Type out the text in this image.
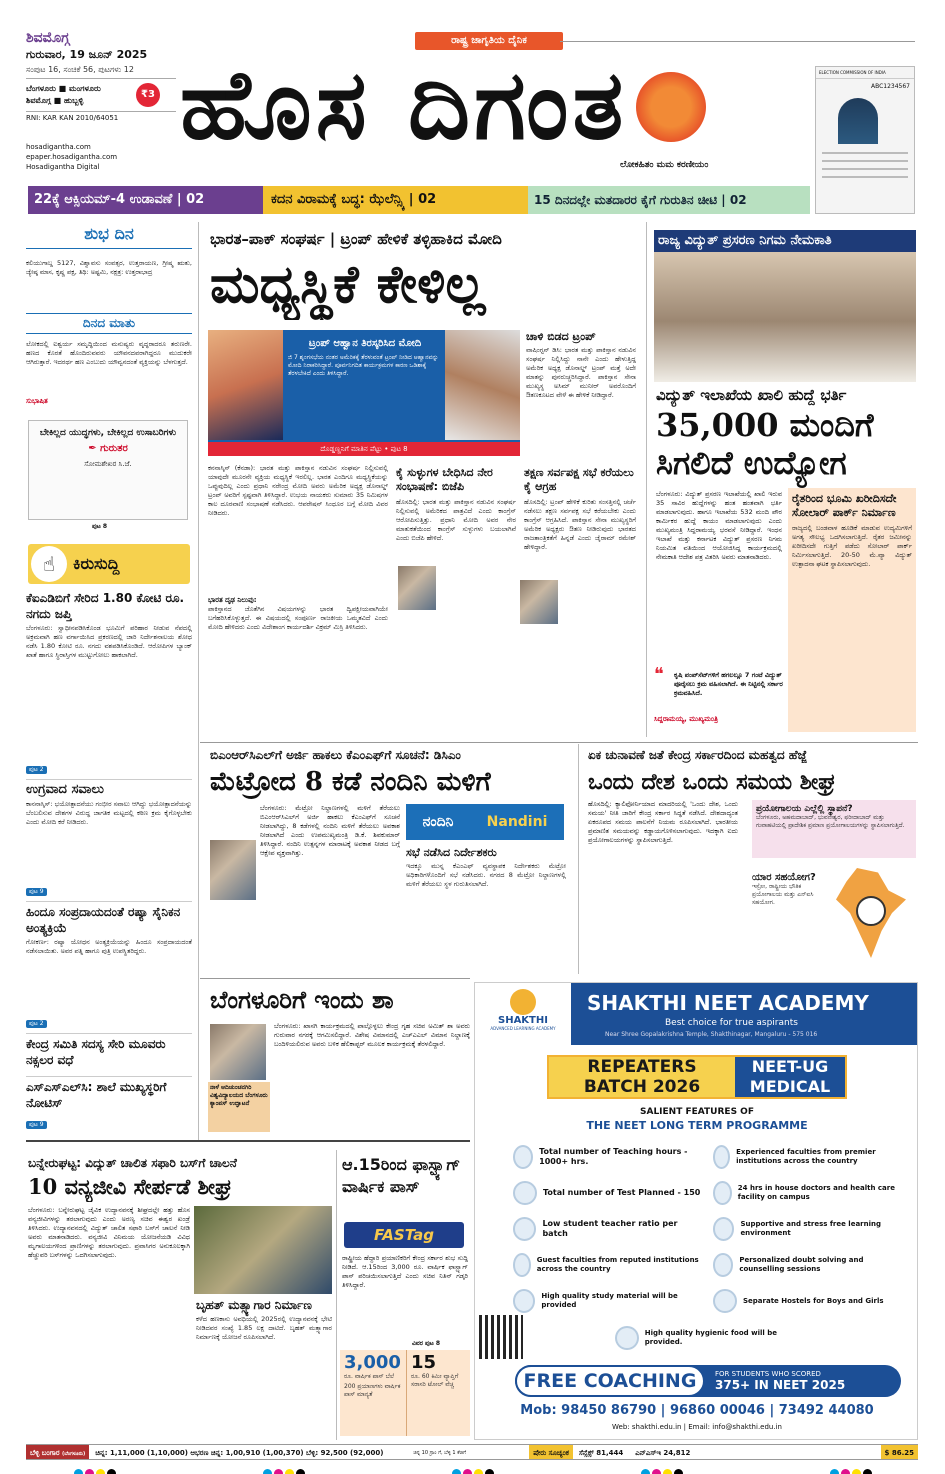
ಶಿವಮೊಗ್ಗ
ಗುರುವಾರ, 19 ಜೂನ್ 2025
ಸಂಪುಟ 16, ಸಂಚಿಕೆ 56, ಪುಟಗಳು 12
ಬೆಂಗಳೂರು ■ ಮಂಗಳೂರು
ಶಿವಮೊಗ್ಗ ■ ಹುಬ್ಬಳ್ಳಿ
₹3
RNI: KAR KAN 2010/64051
hosadigantha.com
epaper.hosadigantha.com
Hosadigantha Digital
ರಾಷ್ಟ್ರ ಜಾಗೃತಿಯ ದೈನಿಕ
ಹೊಸ ದಿಗಂತ
ಲೋಕಹಿತಂ ಮಮ ಕರಣೀಯಂ
ELECTION COMMISSION OF INDIA
ABC1234567
22ಕ್ಕೆ ಆಕ್ಸಿಯಮ್-4 ಉಡಾವಣೆ | 02	ಕದನ ವಿರಾಮಕ್ಕೆ ಬದ್ಧ: ಝೆಲೆನ್ಸ್ಕಿ | 02	15 ದಿನದಲ್ಲೇ ಮತದಾರರ ಕೈಗೆ ಗುರುತಿನ ಚೀಟಿ | 02
ಶುಭ ದಿನ
ಕಲಿಯುಗಾಬ್ದ 5127, ವಿಶ್ವಾವಸು ಸಂವತ್ಸರ, ಉತ್ತರಾಯಣ, ಗ್ರೀಷ್ಮ ಋತು, ಜ್ಯೇಷ್ಠ ಮಾಸ, ಕೃಷ್ಣ ಪಕ್ಷ, ತಿಥಿ: ಅಷ್ಟಮಿ, ನಕ್ಷತ್ರ: ಉತ್ತರಾಭಾದ್ರ
ದಿನದ ಮಾತು
ಲೋಕದಲ್ಲಿ ಐಶ್ವರ್ಯ ಸಮೃದ್ಧಿಯಿಂದ ಮನುಷ್ಯರು ವೃದ್ಧರಾದರೂ ತರುಣರೇ. ಹಣದ ಕೊರತೆ ಹೊಂದಿರುವವರು ಯೌವನದವರಾಗಿದ್ದರೂ ಮುದುಕರೇ ಆಗಿರುತ್ತಾರೆ. ಇದರರ್ಥ ಹಣ ಎಂಬುದು ಯೌವ್ವನದಂತೆ ವ್ಯಕ್ತಿಯನ್ನು ಬೆಳಗುತ್ತದೆ.
ಸುಭಾಷಿತ
ಬೇಕಿಲ್ಲದ ಯುದ್ಧಗಳು, ಬೇಕಿಲ್ಲದ ಉಸಾಬರಿಗಳು
✒ ಗುರುತರ
ಸೋಮಶೇಖರ ಸಿ.ಜೆ.
ಪುಟ 8
☝	ಕಿರುಸುದ್ದಿ
ಕೆಐಎಡಿಬಿಗೆ ಸೇರಿದ 1.80 ಕೋಟಿ ರೂ. ನಗದು ಜಪ್ತಿ
ಬೆಂಗಳೂರು: ಸ್ವಾಧೀನಪಡಿಸಿಕೊಂಡ ಭೂಮಿಗೆ ಪರಿಹಾರ ನೀಡುವ ನೆಪದಲ್ಲಿ ಅಕ್ರಮವಾಗಿ ಹಣ ವರ್ಗಾಯಿಸಿದ ಪ್ರಕರಣದಲ್ಲಿ ಜಾರಿ ನಿರ್ದೇಶನಾಲಯ ಶೋಧ ನಡೆಸಿ 1.80 ಕೋಟಿ ರೂ. ನಗದು ವಶಪಡಿಸಿಕೊಂಡಿದೆ. ಆರೋಪಿಗಳ ಬ್ಯಾಂಕ್ ಖಾತೆ ಹಾಗೂ ಸ್ಥಿರಾಸ್ತಿಗಳ ಮುಟ್ಟುಗೋಲು ಹಾಕಲಾಗಿದೆ.
ಪುಟ 2
ಉಗ್ರವಾದ ಸವಾಲು
ಕಾನನಾಸ್ಕಿಸ್: ಭಯೋತ್ಪಾದನೆಯು ಗಂಭೀರ ಸವಾಲು ಆಗಿದ್ದು ಭಯೋತ್ಪಾದನೆಯನ್ನು ಬೆಂಬಲಿಸುವ ದೇಶಗಳ ವಿರುದ್ಧ ಜಾಗತಿಕ ಮಟ್ಟದಲ್ಲಿ ಕಠಿಣ ಕ್ರಮ ಕೈಗೊಳ್ಳಬೇಕು ಎಂದು ಮೋದಿ ಕರೆ ನೀಡಿದರು.
ಪುಟ 9
ಹಿಂದೂ ಸಂಪ್ರದಾಯದಂತೆ ರಷ್ಯಾ ಸೈನಿಕನ ಅಂತ್ಯಕ್ರಿಯೆ
ಗೋಕರ್ಣ: ರಷ್ಯಾ ಯೋಧನ ಅಂತ್ಯಕ್ರಿಯೆಯನ್ನು ಹಿಂದೂ ಸಂಪ್ರದಾಯದಂತೆ ನಡೆಸಲಾಯಿತು. ಅವರ ಪತ್ನಿ ಹಾಗೂ ಪುತ್ರಿ ಉಪಸ್ಥಿತರಿದ್ದರು.
ಪುಟ 2
ಕೇಂದ್ರ ಸಮಿತಿ ಸದಸ್ಯ ಸೇರಿ ಮೂವರು ನಕ್ಸಲರ ವಧೆ
ಎಸ್‌ಎಸ್‌ಎಲ್‌ಸಿ: ಶಾಲೆ ಮುಖ್ಯಸ್ಥರಿಗೆ ನೋಟಿಸ್
ಪುಟ 9
ಭಾರತ–ಪಾಕ್ ಸಂಘರ್ಷ | ಟ್ರಂಪ್ ಹೇಳಿಕೆ ತಳ್ಳಿಹಾಕಿದ ಮೋದಿ
ಮಧ್ಯಸ್ಥಿಕೆ ಕೇಳಿಲ್ಲ
ಟ್ರಂಪ್ ಆಹ್ವಾನ ತಿರಸ್ಕರಿಸಿದ ಮೋದಿ
ಜಿ 7 ಶೃಂಗಸಭೆಯ ನಂತರ ಅಮೆರಿಕಕ್ಕೆ ತೆರಳುವಂತೆ ಟ್ರಂಪ್ ನೀಡಿದ ಆಹ್ವಾನವನ್ನು ಮೋದಿ ನಿರಾಕರಿಸಿದ್ದಾರೆ. ಪೂರ್ವನಿಗದಿತ ಕಾರ್ಯಕ್ರಮಗಳ ಕಾರಣ ಒಡಿಶಾಕ್ಕೆ ತೆರಳಬೇಕಿದೆ ಎಂದು ತಿಳಿಸಿದ್ದಾರೆ.
ದೊಡ್ಡಣ್ಣನಿಗೆ ಮಾತಿನ ಪೆಟ್ಟು • ಪುಟ 8
ಚಾಳಿ ಬಿಡದ ಟ್ರಂಪ್
ವಾಷಿಂಗ್ಟನ್ ಡಿಸಿ: ಭಾರತ ಮತ್ತು ಪಾಕಿಸ್ತಾನ ನಡುವಿನ ಸಂಘರ್ಷ ನಿಲ್ಲಿಸಿದ್ದು ನಾನೇ ಎಂದು ಹೇಳುತ್ತಿದ್ದ ಅಮೆರಿಕ ಅಧ್ಯಕ್ಷ ಡೊನಾಲ್ಡ್ ಟ್ರಂಪ್ ಮತ್ತೆ ಅದೇ ಮಾತನ್ನು ಪುನರುಚ್ಚರಿಸಿದ್ದಾರೆ. ಪಾಕಿಸ್ತಾನ ಸೇನಾ ಮುಖ್ಯಸ್ಥ ಅಸಿಮ್ ಮುನೀರ್ ಅವರೊಂದಿಗೆ ಔತಣಕೂಟದ ವೇಳೆ ಈ ಹೇಳಿಕೆ ನೀಡಿದ್ದಾರೆ.
ಕನನಾಸ್ಕಿಸ್ (ಕೆನಡಾ): ಭಾರತ ಮತ್ತು ಪಾಕಿಸ್ತಾನ ನಡುವಿನ ಸಂಘರ್ಷ ನಿಲ್ಲಿಸುವಲ್ಲಿ ಯಾವುದೇ ಮೂರನೇ ವ್ಯಕ್ತಿಯ ಮಧ್ಯಸ್ಥಿಕೆ ಇರಲಿಲ್ಲ. ಭಾರತ ಎಂದಿಗೂ ಮಧ್ಯಸ್ಥಿಕೆಯನ್ನು ಒಪ್ಪುವುದಿಲ್ಲ ಎಂದು ಪ್ರಧಾನಿ ನರೇಂದ್ರ ಮೋದಿ ಅವರು ಅಮೆರಿಕ ಅಧ್ಯಕ್ಷ ಡೊನಾಲ್ಡ್ ಟ್ರಂಪ್ ಅವರಿಗೆ ಸ್ಪಷ್ಟವಾಗಿ ತಿಳಿಸಿದ್ದಾರೆ. ಉಭಯ ನಾಯಕರು ಸುಮಾರು 35 ನಿಮಿಷಗಳ ಕಾಲ ದೂರವಾಣಿ ಸಂಭಾಷಣೆ ನಡೆಸಿದರು. ಆಪರೇಷನ್ ಸಿಂಧೂರ ಬಗ್ಗೆ ಮೋದಿ ವಿವರ ನೀಡಿದರು.
ಭಾರತ ದೃಢ ನಿಲುವು:
ಪಾಕಿಸ್ತಾನದ ಜೊತೆಗಿನ ವಿಷಯಗಳನ್ನು ಭಾರತ ದ್ವಿಪಕ್ಷೀಯವಾಗಿಯೇ ಬಗೆಹರಿಸಿಕೊಳ್ಳುತ್ತದೆ. ಈ ವಿಷಯದಲ್ಲಿ ಸಂಪೂರ್ಣ ರಾಜಕೀಯ ಒಮ್ಮತವಿದೆ ಎಂದು ಮೋದಿ ಹೇಳಿದರು ಎಂದು ವಿದೇಶಾಂಗ ಕಾರ್ಯದರ್ಶಿ ವಿಕ್ರಮ್ ಮಿಸ್ರಿ ತಿಳಿಸಿದರು.
ಕೈ ಸುಳ್ಳುಗಳ ಬೇಧಿಸಿದ ನೇರ ಸಂಭಾಷಣೆ: ಬಿಜೆಪಿ
ಹೊಸದಿಲ್ಲಿ: ಭಾರತ ಮತ್ತು ಪಾಕಿಸ್ತಾನ ನಡುವಿನ ಸಂಘರ್ಷ ನಿಲ್ಲಿಸುವಲ್ಲಿ ಅಮೆರಿಕದ ಪಾತ್ರವಿದೆ ಎಂದು ಕಾಂಗ್ರೆಸ್ ಆರೋಪಿಸುತ್ತಿತ್ತು. ಪ್ರಧಾನಿ ಮೋದಿ ಅವರ ನೇರ ಮಾತುಕತೆಯಿಂದ ಕಾಂಗ್ರೆಸ್ ಸುಳ್ಳುಗಳು ಬಯಲಾಗಿವೆ ಎಂದು ಬಿಜೆಪಿ ಹೇಳಿದೆ.
ತಕ್ಷಣ ಸರ್ವಪಕ್ಷ ಸಭೆ ಕರೆಯಲು ಕೈ ಆಗ್ರಹ
ಹೊಸದಿಲ್ಲಿ: ಟ್ರಂಪ್ ಹೇಳಿಕೆ ಕುರಿತು ಸಂಸತ್ತಿನಲ್ಲಿ ಚರ್ಚೆ ನಡೆಸಲು ತಕ್ಷಣ ಸರ್ವಪಕ್ಷ ಸಭೆ ಕರೆಯಬೇಕು ಎಂದು ಕಾಂಗ್ರೆಸ್ ಆಗ್ರಹಿಸಿದೆ. ಪಾಕಿಸ್ತಾನ ಸೇನಾ ಮುಖ್ಯಸ್ಥರಿಗೆ ಅಮೆರಿಕ ಅಧ್ಯಕ್ಷರು ಔತಣ ನೀಡಿರುವುದು ಭಾರತದ ರಾಜತಾಂತ್ರಿಕತೆಗೆ ಹಿನ್ನಡೆ ಎಂದು ಜೈರಾಮ್ ರಮೇಶ್ ಹೇಳಿದ್ದಾರೆ.
ರಾಜ್ಯ ವಿದ್ಯುತ್ ಪ್ರಸರಣ ನಿಗಮ ನೇಮಕಾತಿ
ವಿದ್ಯುತ್ ಇಲಾಖೆಯ ಖಾಲಿ ಹುದ್ದೆ ಭರ್ತಿ
35,000 ಮಂದಿಗೆ
ಸಿಗಲಿದೆ ಉದ್ಯೋಗ
ಬೆಂಗಳೂರು: ವಿದ್ಯುತ್ ಪ್ರಸರಣ ಇಲಾಖೆಯಲ್ಲಿ ಖಾಲಿ ಇರುವ 35 ಸಾವಿರ ಹುದ್ದೆಗಳನ್ನು ಹಂತ ಹಂತವಾಗಿ ಭರ್ತಿ ಮಾಡಲಾಗುವುದು. ಹಾಗೂ ಇಲಾಖೆಯ 532 ಮಂದಿ ಪೌರ ಕಾರ್ಮಿಕರ ಹುದ್ದೆ ಕಾಯಂ ಮಾಡಲಾಗುವುದು ಎಂದು ಮುಖ್ಯಮಂತ್ರಿ ಸಿದ್ದರಾಮಯ್ಯ ಭರವಸೆ ನೀಡಿದ್ದಾರೆ. ಇಂಧನ ಇಲಾಖೆ ಮತ್ತು ಕರ್ನಾಟಕ ವಿದ್ಯುತ್ ಪ್ರಸರಣ ನಿಗಮ ನಿಯಮಿತ ವತಿಯಿಂದ ಆಯೋಜಿಸಿದ್ದ ಕಾರ್ಯಕ್ರಮದಲ್ಲಿ ನೇಮಕಾತಿ ಆದೇಶ ಪತ್ರ ವಿತರಿಸಿ ಅವರು ಮಾತನಾಡಿದರು.
ರೈತರಿಂದ ಭೂಮಿ ಖರೀದಿಸದೇ ಸೋಲಾರ್ ಪಾರ್ಕ್ ನಿರ್ಮಾಣ
ರಾಜ್ಯದಲ್ಲಿ ಬಂಡವಾಳ ಹೂಡಿಕೆ ಮಾಡುವ ಉದ್ಯಮಿಗಳಿಗೆ ಅಗತ್ಯ ಸೌಲಭ್ಯ ಒದಗಿಸಲಾಗುತ್ತಿದೆ. ರೈತರ ಜಮೀನನ್ನು ಖರೀದಿಸದೇ ಗುತ್ತಿಗೆ ಪಡೆದು ಸೋಲಾರ್ ಪಾರ್ಕ್ ನಿರ್ಮಿಸಲಾಗುತ್ತಿದೆ. 20-50 ಮೆ.ವ್ಯಾ ವಿದ್ಯುತ್ ಉತ್ಪಾದನಾ ಘಟಕ ಸ್ಥಾಪಿಸಲಾಗುವುದು.
❝ ಕೃಷಿ ಪಂಪ್‌ಸೆಟ್‌ಗಳಿಗೆ ಹಗಲಲ್ಲೂ 7 ಗಂಟೆ ವಿದ್ಯುತ್ ಪೂರೈಸಲು ಕ್ರಮ ವಹಿಸಲಾಗಿದೆ. ಈ ನಿಟ್ಟಿನಲ್ಲಿ ಸರ್ಕಾರ ಕ್ರಮವಹಿಸಿದೆ.
ಸಿದ್ದರಾಮಯ್ಯ, ಮುಖ್ಯಮಂತ್ರಿ
ಬಿಎಂಆರ್‌ಸಿಎಲ್‌ಗೆ ಅರ್ಜಿ ಹಾಕಲು ಕೆಎಂಎಫ್‌ಗೆ ಸೂಚನೆ: ಡಿಸಿಎಂ
ಮೆಟ್ರೋದ 8 ಕಡೆ ನಂದಿನಿ ಮಳಿಗೆ
ಬೆಂಗಳೂರು: ಮೆಟ್ರೋ ನಿಲ್ದಾಣಗಳಲ್ಲಿ ಮಳಿಗೆ ತೆರೆಯಲು ಬಿಎಂಆರ್‌ಸಿಎಲ್‌ಗೆ ಅರ್ಜಿ ಹಾಕಲು ಕೆಎಂಎಫ್‌ಗೆ ಸೂಚನೆ ನೀಡಲಾಗಿದ್ದು, 8 ಕಡೆಗಳಲ್ಲಿ ನಂದಿನಿ ಮಳಿಗೆ ತೆರೆಯಲು ಅವಕಾಶ ನೀಡಲಾಗಿದೆ ಎಂದು ಉಪಮುಖ್ಯಮಂತ್ರಿ ಡಿ.ಕೆ. ಶಿವಕುಮಾರ್ ತಿಳಿಸಿದ್ದಾರೆ. ನಂದಿನಿ ಉತ್ಪನ್ನಗಳ ಮಾರಾಟಕ್ಕೆ ಅವಕಾಶ ನೀಡದ ಬಗ್ಗೆ ಆಕ್ಷೇಪ ವ್ಯಕ್ತವಾಗಿತ್ತು.
ನಂದಿನಿ Nandini
ಸಭೆ ನಡೆಸಿದ ನಿರ್ದೇಶಕರು
ಇದಕ್ಕೂ ಮುನ್ನ ಕೆಎಂಎಫ್ ವ್ಯವಸ್ಥಾಪಕ ನಿರ್ದೇಶಕರು ಮೆಟ್ರೋ ಅಧಿಕಾರಿಗಳೊಂದಿಗೆ ಸಭೆ ನಡೆಸಿದರು. ನಗರದ 8 ಮೆಟ್ರೋ ನಿಲ್ದಾಣಗಳಲ್ಲಿ ಮಳಿಗೆ ತೆರೆಯಲು ಸ್ಥಳ ಗುರುತಿಸಲಾಗಿದೆ.
ಏಕ ಚುನಾವಣೆ ಜತೆ ಕೇಂದ್ರ ಸರ್ಕಾರದಿಂದ ಮಹತ್ವದ ಹೆಜ್ಜೆ
ಒಂದು ದೇಶ ಒಂದು ಸಮಯ ಶೀಘ್ರ
ಹೊಸದಿಲ್ಲಿ: ಕ್ಯಾಲಿಫೋರ್ನಿಯಾದ ಮಾದರಿಯಲ್ಲಿ 'ಒಂದು ದೇಶ, ಒಂದು ಸಮಯ' ನೀತಿ ಜಾರಿಗೆ ಕೇಂದ್ರ ಸರ್ಕಾರ ಸಿದ್ಧತೆ ನಡೆಸಿದೆ. ದೇಶದಾದ್ಯಂತ ಏಕರೂಪದ ಸಮಯ ಪಾಲನೆಗೆ ನಿಯಮ ರೂಪಿಸಲಾಗಿದೆ. ಭಾರತೀಯ ಪ್ರಮಾಣಿತ ಸಮಯವನ್ನು ಕಡ್ಡಾಯಗೊಳಿಸಲಾಗುವುದು. ಇದಕ್ಕಾಗಿ ಐದು ಪ್ರಯೋಗಾಲಯಗಳನ್ನು ಸ್ಥಾಪಿಸಲಾಗುತ್ತಿದೆ.
ಪ್ರಯೋಗಾಲಯ ಎಲ್ಲೆಲ್ಲಿ ಸ್ಥಾಪನೆ?
ಬೆಂಗಳೂರು, ಅಹಮದಾಬಾದ್, ಭುವನೇಶ್ವರ, ಫರೀದಾಬಾದ್ ಮತ್ತು ಗುವಾಹಟಿಯಲ್ಲಿ ಪ್ರಾದೇಶಿಕ ಪ್ರಮಾಣ ಪ್ರಯೋಗಾಲಯಗಳನ್ನು ಸ್ಥಾಪಿಸಲಾಗುತ್ತಿದೆ.
ಯಾರ ಸಹಯೋಗ?
ಇಸ್ರೋ, ರಾಷ್ಟ್ರೀಯ ಭೌತಿಕ ಪ್ರಯೋಗಾಲಯ ಮತ್ತು ಎನ್‌ಐಸಿ ಸಹಯೋಗ.
ಬೆಂಗಳೂರಿಗೆ ಇಂದು ಶಾ
ನಾಳೆ ಆದಿಚುಂಚನಗಿರಿ ವಿಶ್ವವಿದ್ಯಾಲಯದ ಬೆಂಗಳೂರು ಕ್ಯಾಂಪಸ್ ಉದ್ಘಾಟನೆ
ಬೆಂಗಳೂರು: ಖಾಸಗಿ ಕಾರ್ಯಕ್ರಮದಲ್ಲಿ ಪಾಲ್ಗೊಳ್ಳಲು ಕೇಂದ್ರ ಗೃಹ ಸಚಿವ ಅಮಿತ್ ಶಾ ಅವರು ಗುರುವಾರ ನಗರಕ್ಕೆ ಆಗಮಿಸಲಿದ್ದಾರೆ. ವಿಶೇಷ ವಿಮಾನದಲ್ಲಿ ಎಚ್‌ಎಎಲ್ ವಿಮಾನ ನಿಲ್ದಾಣಕ್ಕೆ ಬಂದಿಳಿಯಲಿರುವ ಅವರು ಬಳಿಕ ಹೆಲಿಕಾಪ್ಟರ್ ಮೂಲಕ ಕಾರ್ಯಕ್ರಮಕ್ಕೆ ತೆರಳಲಿದ್ದಾರೆ.
ಬನ್ನೇರುಘಟ್ಟ: ವಿದ್ಯುತ್ ಚಾಲಿತ ಸಫಾರಿ ಬಸ್‌ಗೆ ಚಾಲನೆ
10 ವನ್ಯಜೀವಿ ಸೇರ್ಪಡೆ ಶೀಘ್ರ
ಬೆಂಗಳೂರು: ಬನ್ನೇರುಘಟ್ಟ ಜೈವಿಕ ಉದ್ಯಾನವನಕ್ಕೆ ಶೀಘ್ರದಲ್ಲೇ ಹತ್ತು ಹೊಸ ವನ್ಯಜೀವಿಗಳನ್ನು ತರಲಾಗುವುದು ಎಂದು ಅರಣ್ಯ ಸಚಿವ ಈಶ್ವರ ಖಂಡ್ರೆ ತಿಳಿಸಿದರು. ಉದ್ಯಾನವನದಲ್ಲಿ ವಿದ್ಯುತ್ ಚಾಲಿತ ಸಫಾರಿ ಬಸ್‌ಗೆ ಚಾಲನೆ ನೀಡಿ ಅವರು ಮಾತನಾಡಿದರು. ವನ್ಯಜೀವಿ ವಿನಿಮಯ ಯೋಜನೆಯಡಿ ವಿವಿಧ ಮೃಗಾಲಯಗಳಿಂದ ಪ್ರಾಣಿಗಳನ್ನು ತರಲಾಗುವುದು. ಪ್ರವಾಸಿಗರ ಅನುಕೂಲಕ್ಕಾಗಿ ಹೆಚ್ಚುವರಿ ಬಸ್‌ಗಳನ್ನು ಒದಗಿಸಲಾಗುವುದು.
ಬೃಹತ್ ಮತ್ಸ್ಯಾಗಾರ ನಿರ್ಮಾಣ
ಕಳೆದ ಹಣಕಾಸು ಅವಧಿಯಲ್ಲಿ 2025ರಲ್ಲಿ ಉದ್ಯಾನವನಕ್ಕೆ ಭೇಟಿ ನೀಡಿದವರ ಸಂಖ್ಯೆ 1.85 ಲಕ್ಷ ದಾಟಿದೆ. ಬೃಹತ್ ಮತ್ಸ್ಯಾಗಾರ ನಿರ್ಮಾಣಕ್ಕೆ ಯೋಜನೆ ರೂಪಿಸಲಾಗಿದೆ.
ಆ.15ರಿಂದ ಫಾಸ್ಟ್ಯಾಗ್ ವಾರ್ಷಿಕ ಪಾಸ್
FASTag
ರಾಷ್ಟ್ರೀಯ ಹೆದ್ದಾರಿ ಪ್ರಯಾಣಿಕರಿಗೆ ಕೇಂದ್ರ ಸರ್ಕಾರ ಶುಭ ಸುದ್ದಿ ನೀಡಿದೆ. ಆ.15ರಿಂದ 3,000 ರೂ. ವಾರ್ಷಿಕ ಫಾಸ್ಟ್ಯಾಗ್ ಪಾಸ್ ಪರಿಚಯಿಸಲಾಗುತ್ತಿದೆ ಎಂದು ಸಚಿವ ನಿತಿನ್ ಗಡ್ಕರಿ ತಿಳಿಸಿದ್ದಾರೆ.
ವಿವರ ಪುಟ 8
3,000
ರೂ. ವಾರ್ಷಿಕ ಪಾಸ್ ಬೆಲೆ
200 ಪ್ರಯಾಣಗಳು ವಾರ್ಷಿಕ ಪಾಸ್ ಮಾನ್ಯತೆ
15
ರೂ. 60 ಕಿಮೀ ವ್ಯಾಪ್ತಿಗೆ ಸರಾಸರಿ ಟೋಲ್ ವೆಚ್ಚ
SHAKTHI
ADVANCED LEARNING ACADEMY
SHAKTHI NEET ACADEMY
Best choice for true aspirants
Near Shree Gopalakrishna Temple, Shakthinagar, Mangaluru - 575 016
REPEATERS
BATCH 2026
NEET-UG
MEDICAL
SALIENT FEATURES OF
THE NEET LONG TERM PROGRAMME
Total number of Teaching hours - 1000+ hrs.
Total number of Test Planned - 150
Low student teacher ratio per batch
Guest faculties from reputed institutions across the country
High quality study material will be provided
Experienced faculties from premier institutions across the country
24 hrs in house doctors and health care facility on campus
Supportive and stress free learning environment
Personalized doubt solving and counselling sessions
Separate Hostels for Boys and Girls
High quality hygienic food will be provided.
FREE COACHING	FOR STUDENTS WHO SCORED
375+ IN NEET 2025
Mob: 98450 86790 | 96860 00046 | 73492 44080
Web: shakthi.edu.in | Email: info@shakthi.edu.in
ಬೆಳ್ಳಿ ಬಂಗಾರ (ಬೆಂಗಳೂರು)	ಚಿನ್ನ: 1,11,000 (1,10,000) ಆಭರಣ ಚಿನ್ನ: 1,00,910 (1,00,370) ಬೆಳ್ಳಿ: 92,500 (92,000)	ಚಿನ್ನ 10 ಗ್ರಾಂ ಗೆ, ಬೆಳ್ಳಿ 1 ಕೆಜಿಗೆ	ಷೇರು ಸೂಚ್ಯಂಕ	ಸೆನ್ಸೆಕ್ಸ್ 81,444	ಎನ್‌ಎಸ್‌ಇ 24,812	$ 86.25
